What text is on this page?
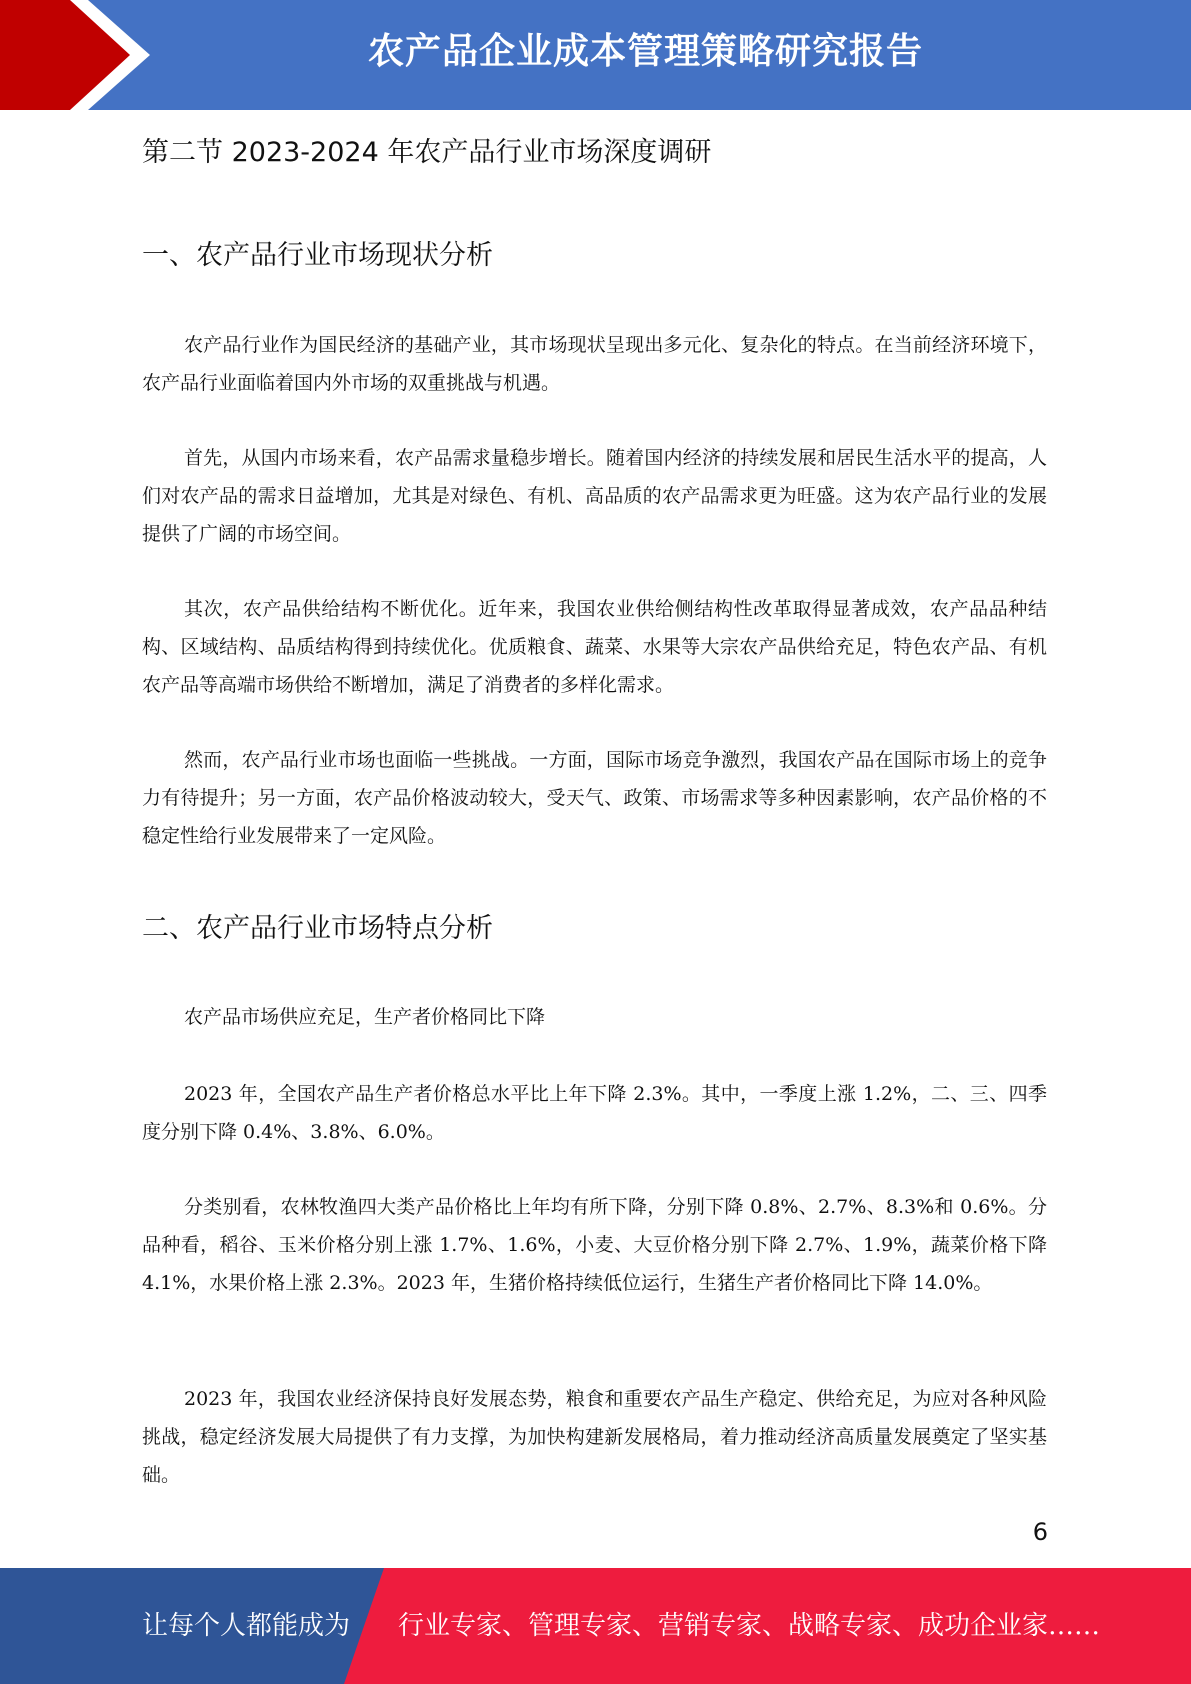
农产品企业成本管理策略研究报告
第二节 2023-2024 年农产品行业市场深度调研
一、农产品行业市场现状分析

农产品行业作为国民经济的基础产业，其市场现状呈现出多元化、复杂化的特点。在当前经济环境下，农产品行业面临着国内外市场的双重挑战与机遇。

首先，从国内市场来看，农产品需求量稳步增长。随着国内经济的持续发展和居民生活水平的提高，人们对农产品的需求日益增加，尤其是对绿色、有机、高品质的农产品需求更为旺盛。这为农产品行业的发展提供了广阔的市场空间。

其次，农产品供给结构不断优化。近年来，我国农业供给侧结构性改革取得显著成效，农产品品种结构、区域结构、品质结构得到持续优化。优质粮食、蔬菜、水果等大宗农产品供给充足，特色农产品、有机农产品等高端市场供给不断增加，满足了消费者的多样化需求。

然而，农产品行业市场也面临一些挑战。一方面，国际市场竞争激烈，我国农产品在国际市场上的竞争力有待提升；另一方面，农产品价格波动较大，受天气、政策、市场需求等多种因素影响，农产品价格的不稳定性给行业发展带来了一定风险。

二、农产品行业市场特点分析

农产品市场供应充足，生产者价格同比下降

2023 年，全国农产品生产者价格总水平比上年下降 2.3%。其中，一季度上涨 1.2%，二、三、四季度分别下降 0.4%、3.8%、6.0%。

分类别看，农林牧渔四大类产品价格比上年均有所下降，分别下降 0.8%、2.7%、8.3%和 0.6%。分品种看，稻谷、玉米价格分别上涨 1.7%、1.6%，小麦、大豆价格分别下降 2.7%、1.9%，蔬菜价格下降 4.1%，水果价格上涨 2.3%。2023 年，生猪价格持续低位运行，生猪生产者价格同比下降 14.0%。

2023 年，我国农业经济保持良好发展态势，粮食和重要农产品生产稳定、供给充足，为应对各种风险挑战，稳定经济发展大局提供了有力支撑，为加快构建新发展格局，着力推动经济高质量发展奠定了坚实基础。

6
让每个人都能成为 行业专家、管理专家、营销专家、战略专家、成功企业家……
